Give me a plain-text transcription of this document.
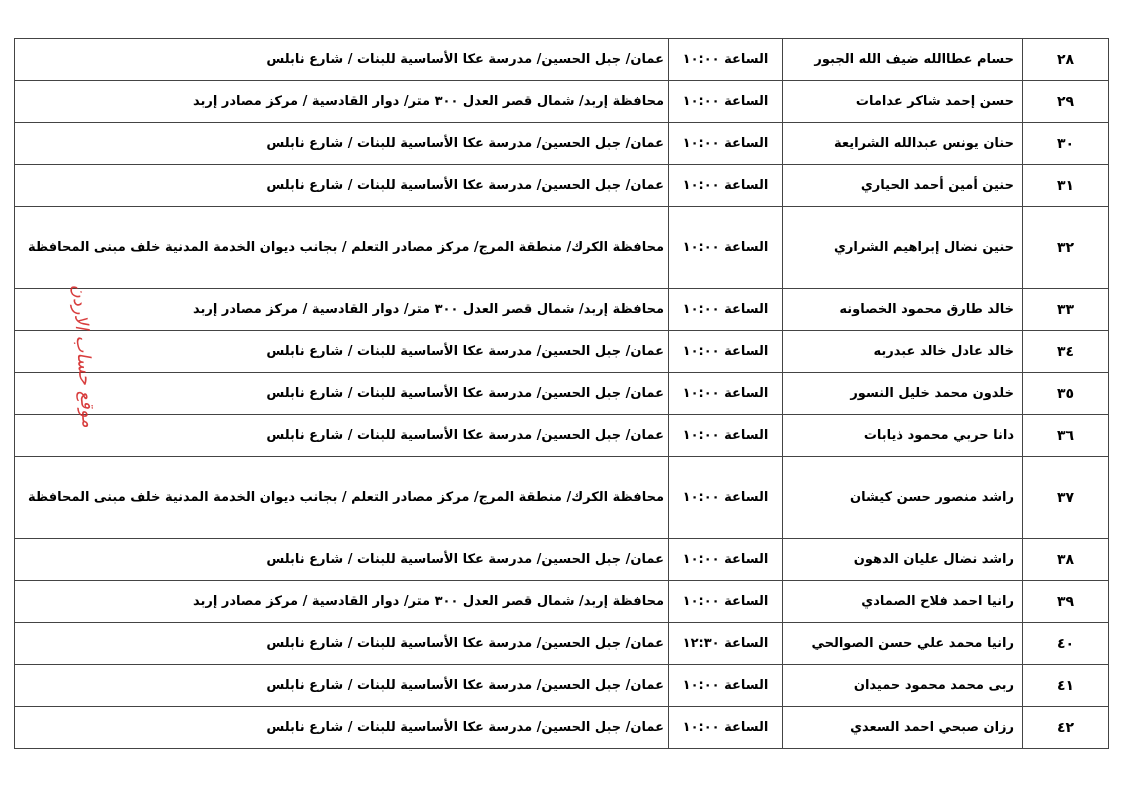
٢٨	حسام عطاالله ضيف الله الجبور	الساعة ١٠:٠٠	عمان/ جبل الحسين/ مدرسة عكا الأساسية للبنات / شارع نابلس
٢٩	حسن إحمد شاكر عدامات	الساعة ١٠:٠٠	محافظة إربد/ شمال قصر العدل ٣٠٠ متر/ دوار القادسية / مركز مصادر إربد
٣٠	حنان يونس عبدالله الشرايعة	الساعة ١٠:٠٠	عمان/ جبل الحسين/ مدرسة عكا الأساسية للبنات / شارع نابلس
٣١	حنين أمين أحمد الحياري	الساعة ١٠:٠٠	عمان/ جبل الحسين/ مدرسة عكا الأساسية للبنات / شارع نابلس
٣٢	حنين نضال إبراهيم الشراري	الساعة ١٠:٠٠	محافظة الكرك/ منطقة المرج/ مركز مصادر التعلم / بجانب ديوان الخدمة المدنية خلف مبنى المحافظة
٣٣	خالد طارق محمود الخصاونه	الساعة ١٠:٠٠	محافظة إربد/ شمال قصر العدل ٣٠٠ متر/ دوار القادسية / مركز مصادر إربد
٣٤	خالد عادل خالد عبدربه	الساعة ١٠:٠٠	عمان/ جبل الحسين/ مدرسة عكا الأساسية للبنات / شارع نابلس
٣٥	خلدون محمد خليل النسور	الساعة ١٠:٠٠	عمان/ جبل الحسين/ مدرسة عكا الأساسية للبنات / شارع نابلس
٣٦	دانا حربي محمود ذيابات	الساعة ١٠:٠٠	عمان/ جبل الحسين/ مدرسة عكا الأساسية للبنات / شارع نابلس
٣٧	راشد منصور حسن كيشان	الساعة ١٠:٠٠	محافظة الكرك/ منطقة المرج/ مركز مصادر التعلم / بجانب ديوان الخدمة المدنية خلف مبنى المحافظة
٣٨	راشد نضال عليان الدهون	الساعة ١٠:٠٠	عمان/ جبل الحسين/ مدرسة عكا الأساسية للبنات / شارع نابلس
٣٩	رانيا احمد فلاح الصمادي	الساعة ١٠:٠٠	محافظة إربد/ شمال قصر العدل ٣٠٠ متر/ دوار القادسية / مركز مصادر إربد
٤٠	رانيا محمد علي حسن الصوالحي	الساعة ١٢:٣٠	عمان/ جبل الحسين/ مدرسة عكا الأساسية للبنات / شارع نابلس
٤١	ربى محمد محمود حميدان	الساعة ١٠:٠٠	عمان/ جبل الحسين/ مدرسة عكا الأساسية للبنات / شارع نابلس
٤٢	رزان صبحي احمد السعدي	الساعة ١٠:٠٠	عمان/ جبل الحسين/ مدرسة عكا الأساسية للبنات / شارع نابلس
موقع حساب الاردن
